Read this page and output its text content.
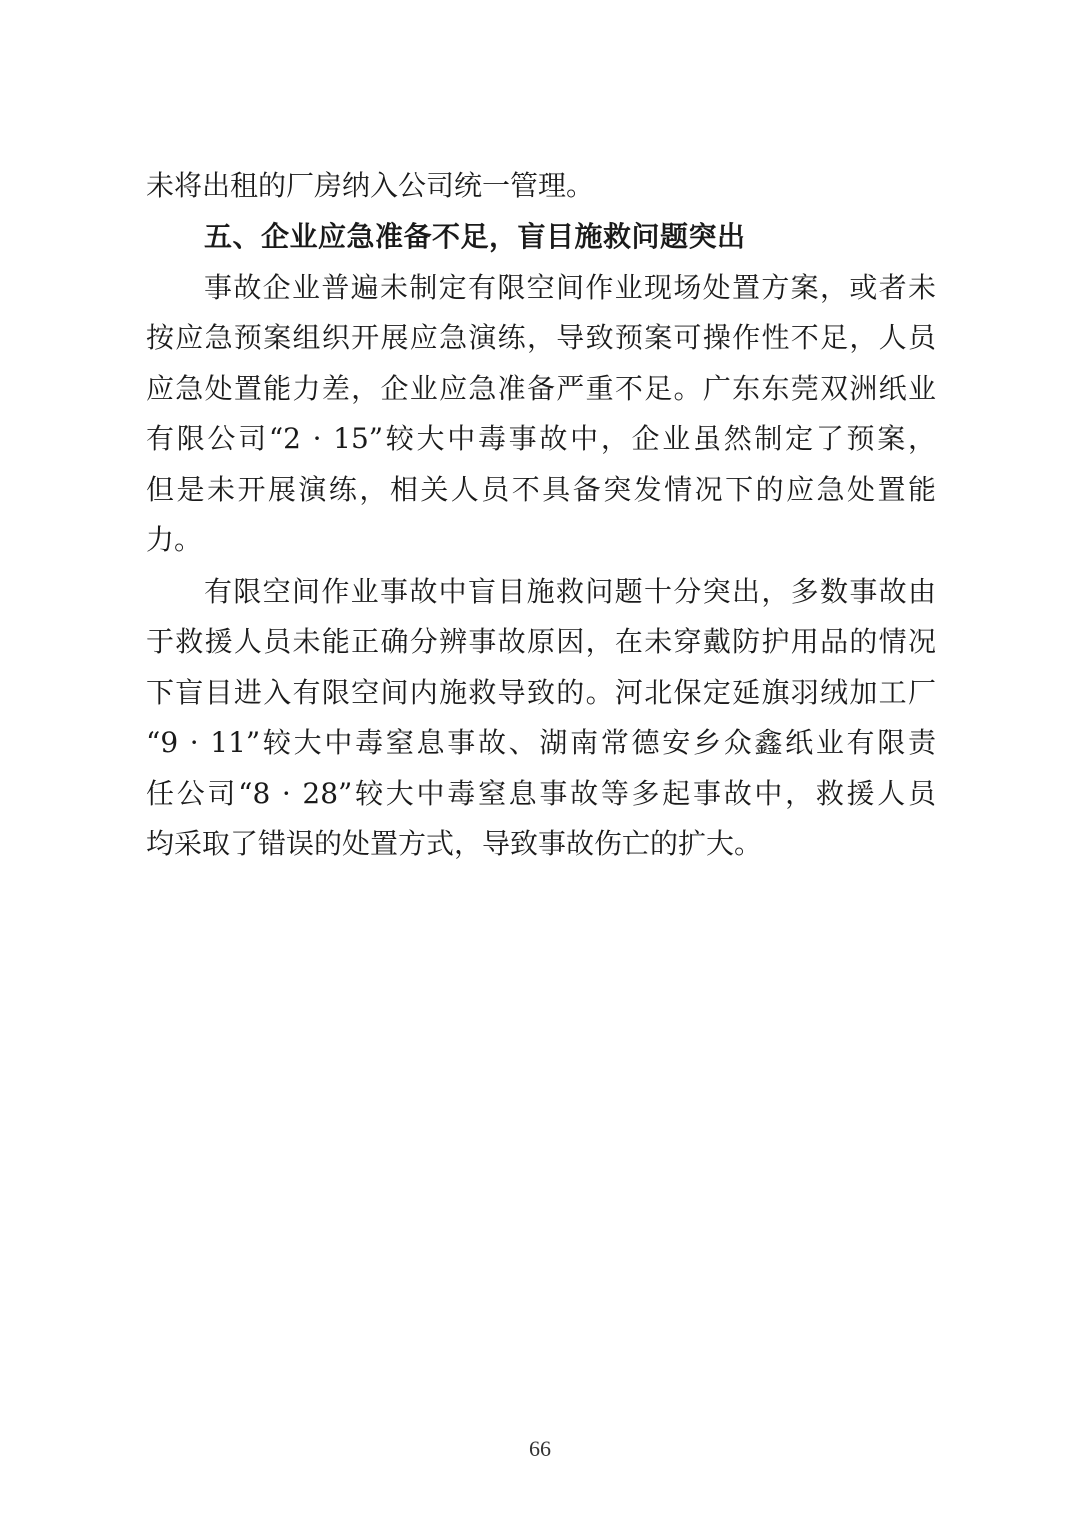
未将出租的厂房纳入公司统一管理。
五、企业应急准备不足，盲目施救问题突出
事故企业普遍未制定有限空间作业现场处置方案，或者未
按应急预案组织开展应急演练，导致预案可操作性不足，人员
应急处置能力差，企业应急准备严重不足。广东东莞双洲纸业
有限公司“2 · 15”较大中毒事故中，企业虽然制定了预案，
但是未开展演练，相关人员不具备突发情况下的应急处置能
力。
有限空间作业事故中盲目施救问题十分突出，多数事故由
于救援人员未能正确分辨事故原因，在未穿戴防护用品的情况
下盲目进入有限空间内施救导致的。河北保定延旗羽绒加工厂
“9 · 11”较大中毒窒息事故、湖南常德安乡众鑫纸业有限责
任公司“8 · 28”较大中毒窒息事故等多起事故中，救援人员
均采取了错误的处置方式，导致事故伤亡的扩大。
66
